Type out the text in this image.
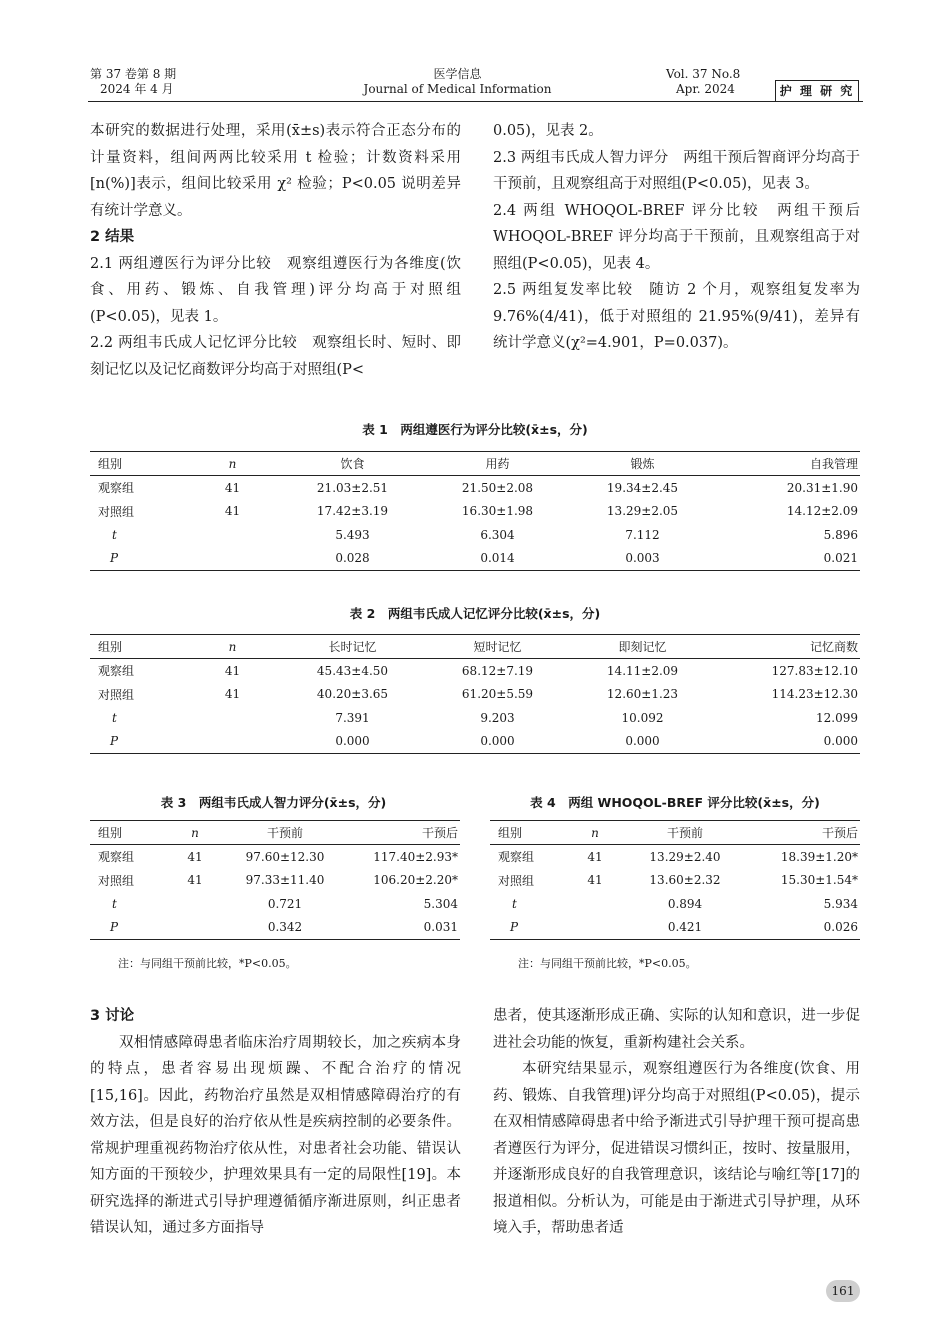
第 37 卷第 8 期
2024 年 4 月
医学信息
Journal of Medical Information
Vol. 37 No.8
Apr. 2024	护 理 研 究

本研究的数据进行处理，采用(x̄±s)表示符合正态分布的计量资料，组间两两比较采用 t 检验；计数资料采用[n(%)]表示，组间比较采用 χ² 检验；P<0.05 说明差异有统计学意义。

2 结果

2.1 两组遵医行为评分比较　观察组遵医行为各维度(饮食、用药、锻炼、自我管理)评分均高于对照组(P<0.05)，见表 1。

2.2 两组韦氏成人记忆评分比较　观察组长时、短时、即刻记忆以及记忆商数评分均高于对照组(P<

0.05)，见表 2。

2.3 两组韦氏成人智力评分　两组干预后智商评分均高于干预前，且观察组高于对照组(P<0.05)，见表 3。

2.4 两组 WHOQOL-BREF 评分比较　两组干预后 WHOQOL-BREF 评分均高于干预前，且观察组高于对照组(P<0.05)，见表 4。

2.5 两组复发率比较　随访 2 个月，观察组复发率为 9.76%(4/41)，低于对照组的 21.95%(9/41)，差异有统计学意义(χ²=4.901，P=0.037)。

表 1　两组遵医行为评分比较(x̄±s，分)
组别	n	饮食	用药	锻炼	自我管理
观察组	41	21.03±2.51	21.50±2.08	19.34±2.45	20.31±1.90
对照组	41	17.42±3.19	16.30±1.98	13.29±2.05	14.12±2.09
t		5.493	6.304	7.112	5.896
P		0.028	0.014	0.003	0.021
表 2　两组韦氏成人记忆评分比较(x̄±s，分)
组别	n	长时记忆	短时记忆	即刻记忆	记忆商数
观察组	41	45.43±4.50	68.12±7.19	14.11±2.09	127.83±12.10
对照组	41	40.20±3.65	61.20±5.59	12.60±1.23	114.23±12.30
t		7.391	9.203	10.092	12.099
P		0.000	0.000	0.000	0.000
表 3　两组韦氏成人智力评分(x̄±s，分)
组别	n	干预前	干预后
观察组	41	97.60±12.30	117.40±2.93*
对照组	41	97.33±11.40	106.20±2.20*
t		0.721	5.304
P		0.342	0.031
注：与同组干预前比较，*P<0.05。
表 4　两组 WHOQOL-BREF 评分比较(x̄±s，分)
组别	n	干预前	干预后
观察组	41	13.29±2.40	18.39±1.20*
对照组	41	13.60±2.32	15.30±1.54*
t		0.894	5.934
P		0.421	0.026
注：与同组干预前比较，*P<0.05。

3 讨论

双相情感障碍患者临床治疗周期较长，加之疾病本身的特点，患者容易出现烦躁、不配合治疗的情况[15,16]。因此，药物治疗虽然是双相情感障碍治疗的有效方法，但是良好的治疗依从性是疾病控制的必要条件。常规护理重视药物治疗依从性，对患者社会功能、错误认知方面的干预较少，护理效果具有一定的局限性[19]。本研究选择的渐进式引导护理遵循循序渐进原则，纠正患者错误认知，通过多方面指导

患者，使其逐渐形成正确、实际的认知和意识，进一步促进社会功能的恢复，重新构建社会关系。

本研究结果显示，观察组遵医行为各维度(饮食、用药、锻炼、自我管理)评分均高于对照组(P<0.05)，提示在双相情感障碍患者中给予渐进式引导护理干预可提高患者遵医行为评分，促进错误习惯纠正，按时、按量服用，并逐渐形成良好的自我管理意识，该结论与喻红等[17]的报道相似。分析认为，可能是由于渐进式引导护理，从环境入手，帮助患者适

161
